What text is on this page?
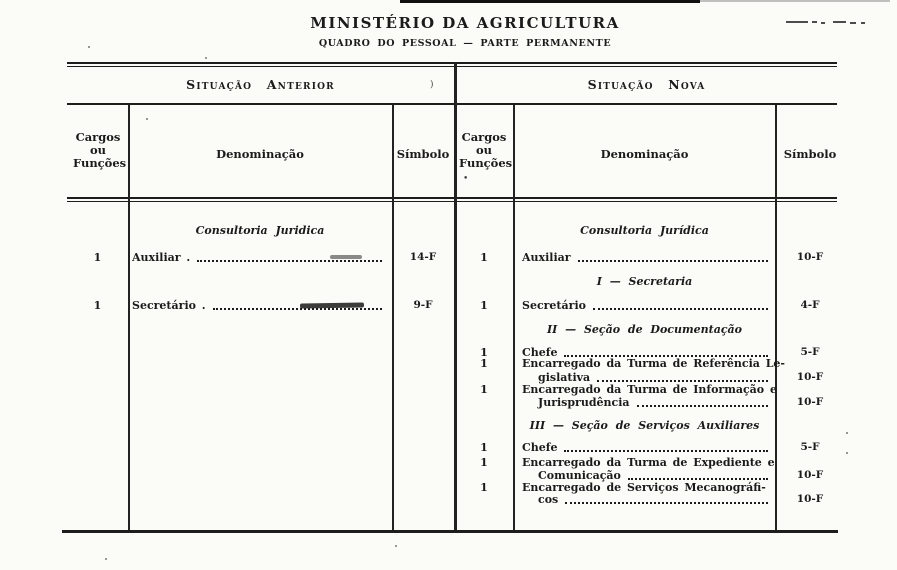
)
•
MINISTÉRIO DA AGRICULTURA
QUADRO DO PESSOAL — PARTE PERMANENTE
Situação Anterior	Situação Nova
Cargos ou Funções
Denominação	Símbolo
Cargos ou Funções
Denominação	Símbolo
Consultoria Juridica
1	Auxiliar .	14-F
1	Secretário .	9-F
Consultoria Jurídica
1	Auxiliar	10-F
I — Secretaria
1	Secretário	4-F
II — Seção de Documentação
1	Chefe	5-F
1	Encarregado da Turma de Referência Le-
gislativa	10-F
1	Encarregado da Turma de Informação e
Jurisprudência	10-F
III — Seção de Serviços Auxiliares
1	Chefe	5-F
1	Encarregado da Turma de Expediente e
Comunicação	10-F
1	Encarregado de Serviços Mecanográfi-
cos	10-F
